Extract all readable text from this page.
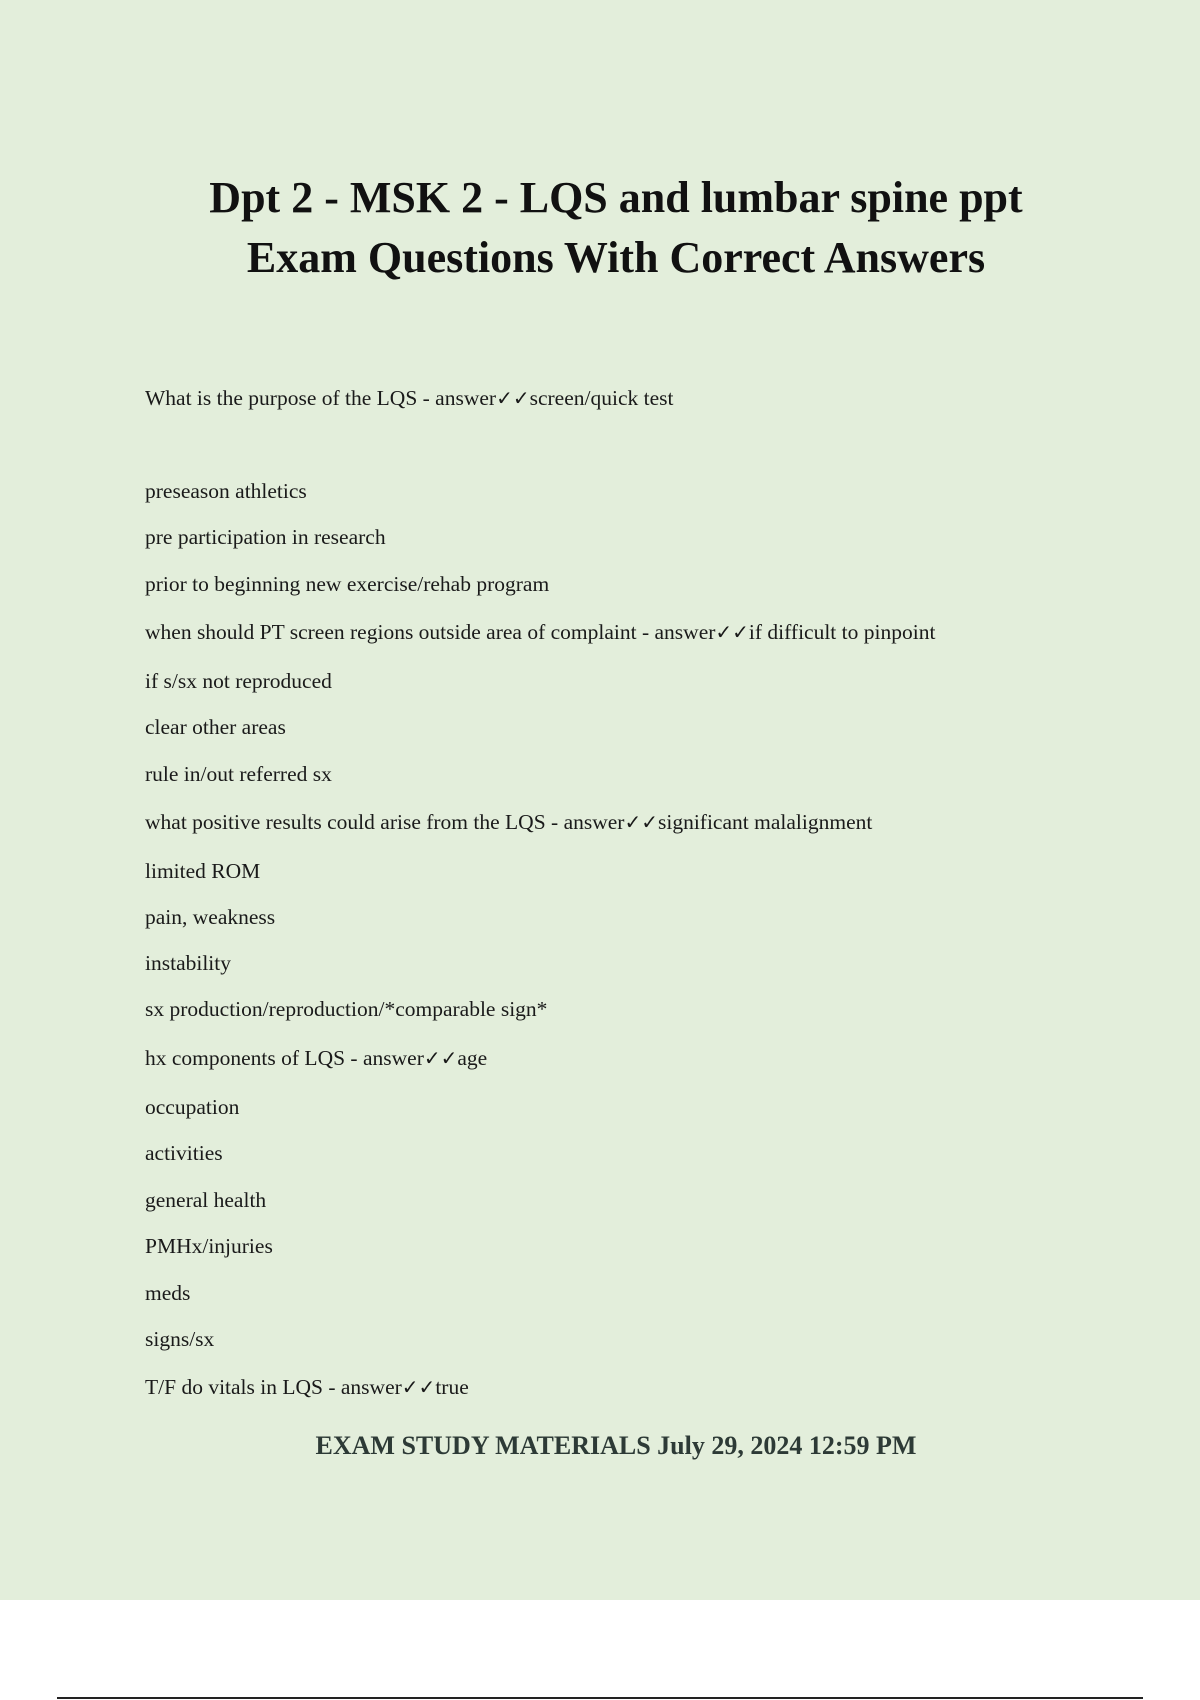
Dpt 2 - MSK 2 - LQS and lumbar spine ppt
Exam Questions With Correct Answers
What is the purpose of the LQS - answer✓✓screen/quick test
preseason athletics
pre participation in research
prior to beginning new exercise/rehab program
when should PT screen regions outside area of complaint - answer✓✓if difficult to pinpoint
if s/sx not reproduced
clear other areas
rule in/out referred sx
what positive results could arise from the LQS - answer✓✓significant malalignment
limited ROM
pain, weakness
instability
sx production/reproduction/*comparable sign*
hx components of LQS - answer✓✓age
occupation
activities
general health
PMHx/injuries
meds
signs/sx
T/F do vitals in LQS - answer✓✓true
EXAM STUDY MATERIALS July 29, 2024 12:59 PM
